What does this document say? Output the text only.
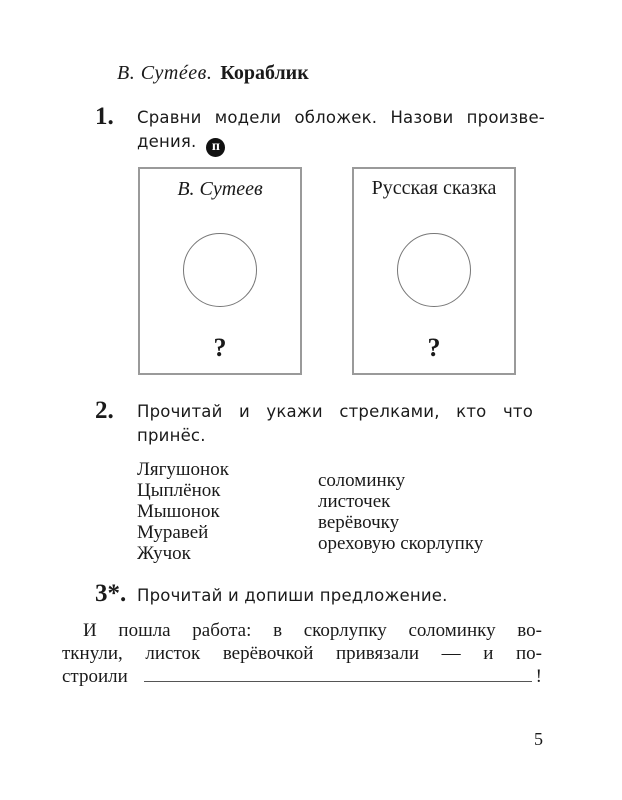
В. Сутéев. Кораблик
1. Сравни модели обложек. Назови произве-
дения. п
В. Сутеев
?
Русская сказка
?
2. Прочитай и укажи стрелками, кто что
принёс.
Лягушонок
Цыплёнок
Мышонок
Муравей
Жучок
соломинку
листочек
верёвочку
ореховую скорлупку
3*. Прочитай и допиши предложение.
И пошла работа: в скорлупку соломинку во-
ткнули, листок верёвочкой привязали — и по-
строили	!
5
